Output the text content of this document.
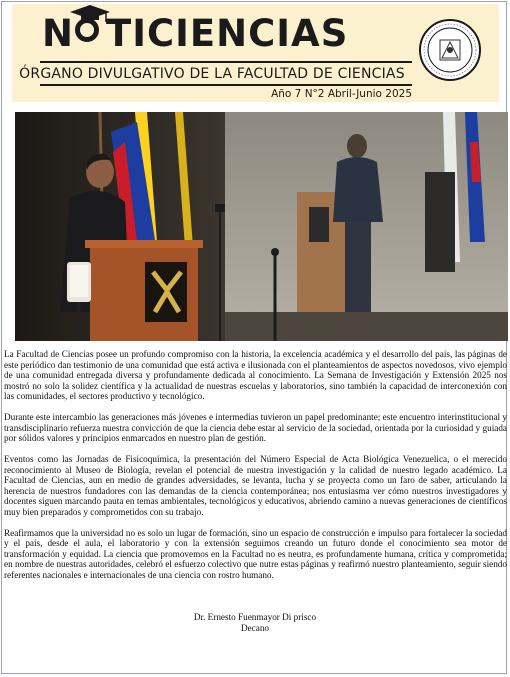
N TICIENCIAS
ÓRGANO DIVULGATIVO DE LA FACULTAD DE CIENCIAS
Año 7 N°2 Abril-Junio 2025

La Facultad de Ciencias posee un profundo compromiso con la historia, la excelencia académica y el desarrollo del país, las páginas de este periódico dan testimonio de una comunidad que está activa e ilusionada con el planteamientos de aspectos novedosos, vivo ejemplo de una comunidad entregada diversa y profundamente dedicada al conocimiento. La Semana de Investigación y Extensión 2025 nos mostró no solo la solidez científica y la actualidad de nuestras escuelas y laboratorios, sino también la capacidad de interconexión con las comunidades, el sectores productivo y tecnológico.

Durante este intercambio las generaciones más jóvenes e intermedias tuvieron un papel predominante; este encuentro interinstitucional y transdisciplinario refuerza nuestra convicción de que la ciencia debe estar al servicio de la sociedad, orientada por la curiosidad y guiada por sólidos valores y principios enmarcados en nuestro plan de gestión.

Eventos como las Jornadas de Fisicoquímica, la presentación del Número Especial de Acta Biológica Venezuelica, o el merecido reconocimiento al Museo de Biología, revelan el potencial de nuestra investigación y la calidad de nuestro legado académico. La Facultad de Ciencias, aun en medio de grandes adversidades, se levanta, lucha y se proyecta como un faro de saber, articulando la herencia de nuestros fundadores con las demandas de la ciencia contemporánea; nos entusiasma ver cómo nuestros investigadores y docentes siguen marcando pauta en temas ambientales, tecnológicos y educativos, abriendo camino a nuevas generaciones de científicos muy bien preparados y comprometidos con su trabajo.

Reafirmamos que la universidad no es solo un lugar de formación, sino un espacio de construcción e impulso para fortalecer la sociedad y el país, desde el aula, el laboratorio y con la extensión seguimos creando un futuro donde el conocimiento sea motor de transformación y equidad. La ciencia que promovemos en la Facultad no es neutra, es profundamente humana, crítica y comprometida; en nombre de nuestras autoridades, celebró el esfuerzo colectivo que nutre estas páginas y reafirmó nuestro planteamiento, seguir siendo referentes nacionales e internacionales de una ciencia con rostro humano.

Dr. Ernesto Fuenmayor Di prisco
Decano
